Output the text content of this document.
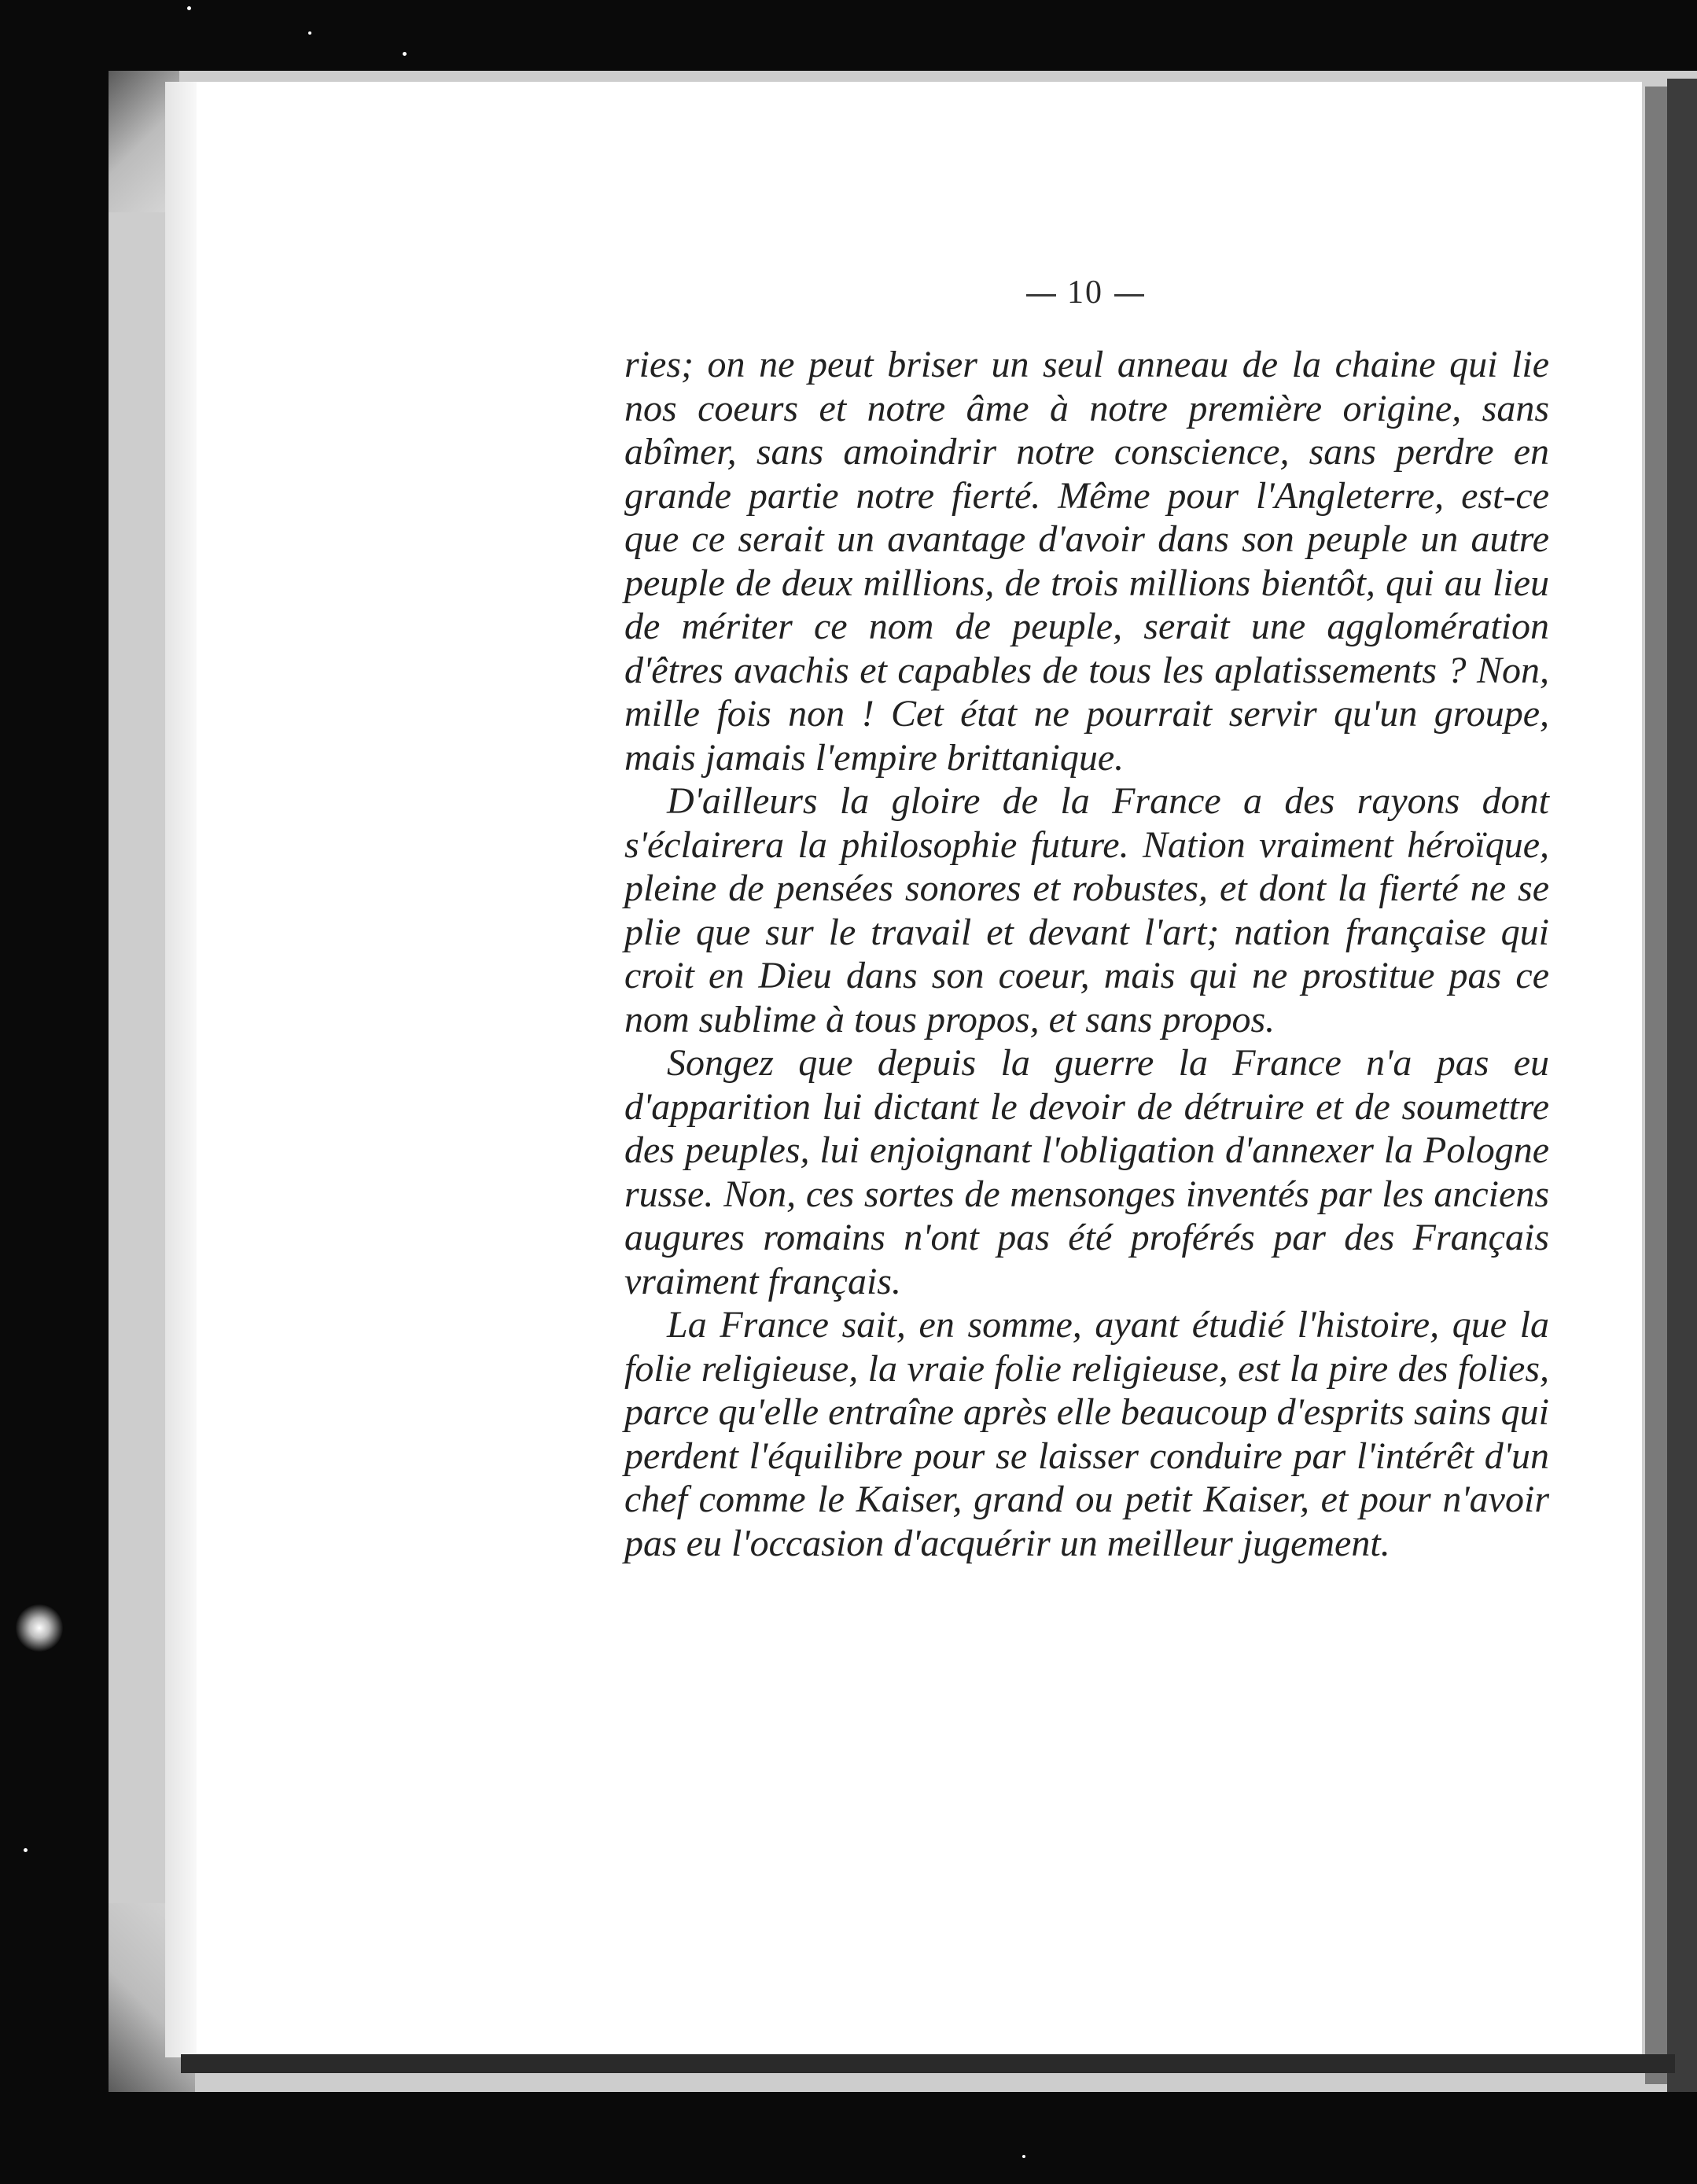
10

ries; on ne peut briser un seul anneau de la chaine qui lie nos coeurs et notre âme à notre première origine, sans abîmer, sans amoindrir notre conscience, sans perdre en grande partie notre fierté. Même pour l'Angleterre, est-ce que ce serait un avantage d'avoir dans son peuple un autre peuple de deux millions, de trois millions bientôt, qui au lieu de mériter ce nom de peuple, serait une agglomération d'êtres avachis et capables de tous les aplatissements ? Non, mille fois non ! Cet état ne pourrait servir qu'un groupe, mais jamais l'empire brittanique.

D'ailleurs la gloire de la France a des rayons dont s'éclairera la philosophie future. Nation vraiment héroïque, pleine de pensées sonores et robustes, et dont la fierté ne se plie que sur le travail et devant l'art; nation française qui croit en Dieu dans son coeur, mais qui ne prostitue pas ce nom sublime à tous propos, et sans propos.

Songez que depuis la guerre la France n'a pas eu d'apparition lui dictant le devoir de détruire et de soumettre des peuples, lui enjoignant l'obligation d'annexer la Pologne russe. Non, ces sortes de mensonges inventés par les anciens augures romains n'ont pas été proférés par des Français vraiment français.

La France sait, en somme, ayant étudié l'histoire, que la folie religieuse, la vraie folie religieuse, est la pire des folies, parce qu'elle entraîne après elle beaucoup d'esprits sains qui perdent l'équilibre pour se laisser conduire par l'intérêt d'un chef comme le Kaiser, grand ou petit Kaiser, et pour n'avoir pas eu l'occasion d'acquérir un meilleur jugement.
